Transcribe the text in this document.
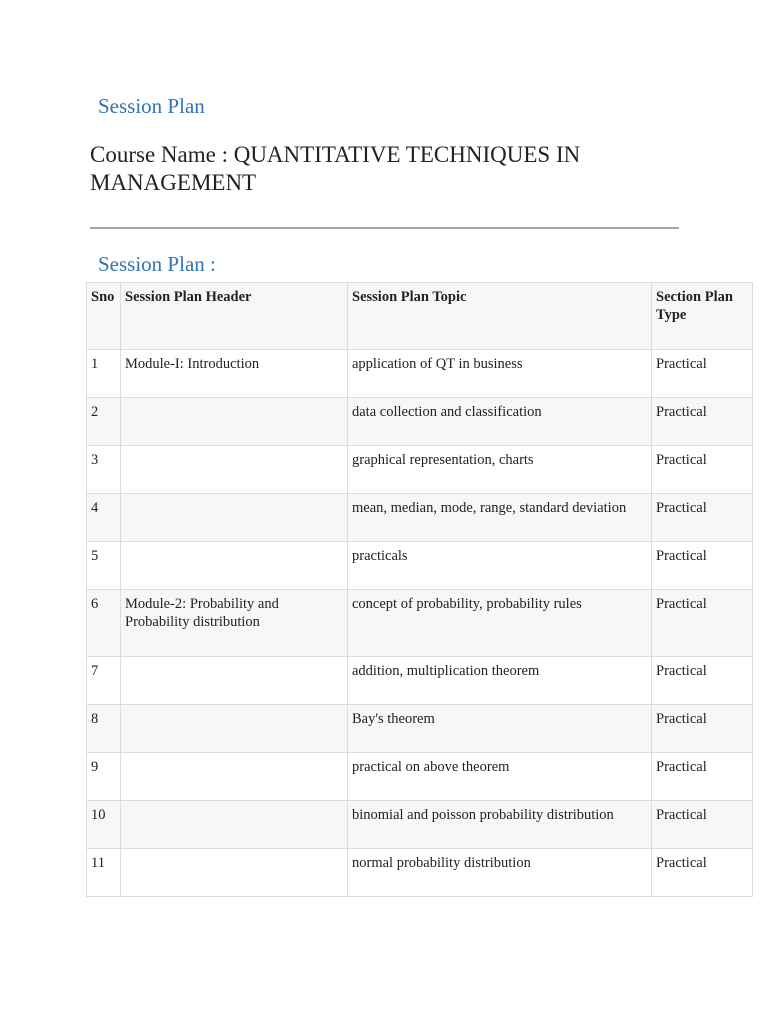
Session Plan
Course Name : QUANTITATIVE TECHNIQUES IN MANAGEMENT
Session Plan :
Sno	Session Plan Header	Session Plan Topic	Section Plan Type
1	Module-I: Introduction	application of QT in business	Practical
2		data collection and classification	Practical
3		graphical representation, charts	Practical
4		mean, median, mode, range, standard deviation	Practical
5		practicals	Practical
6	Module-2: Probability and Probability distribution	concept of probability, probability rules	Practical
7		addition, multiplication theorem	Practical
8		Bay's theorem	Practical
9		practical on above theorem	Practical
10		binomial and poisson probability distribution	Practical
11		normal probability distribution	Practical
